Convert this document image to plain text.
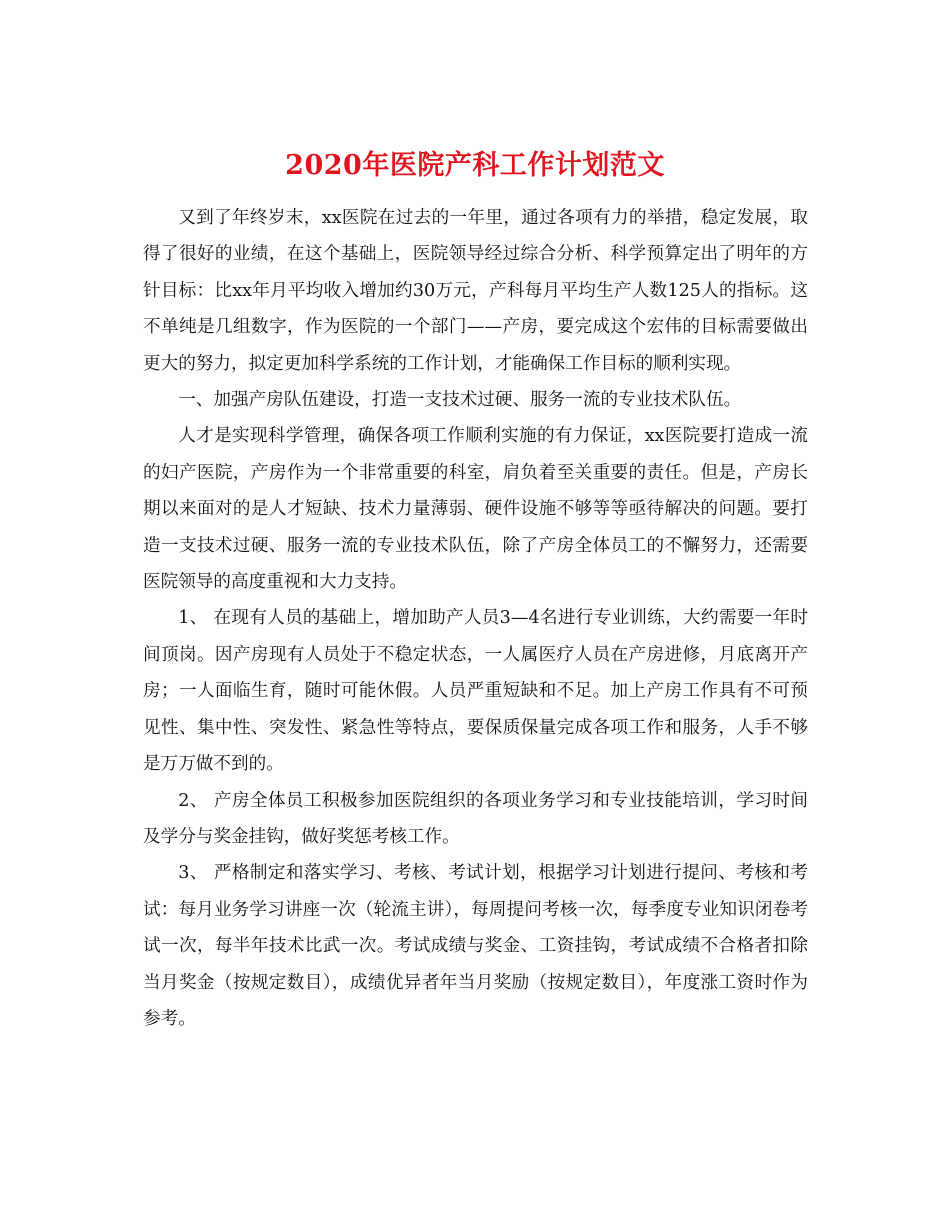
2020年医院产科工作计划范文

又到了年终岁末，xx医院在过去的一年里，通过各项有力的举措，稳定发展，取得了很好的业绩，在这个基础上，医院领导经过综合分析、科学预算定出了明年的方针目标：比xx年月平均收入增加约30万元，产科每月平均生产人数125人的指标。这不单纯是几组数字，作为医院的一个部门——产房，要完成这个宏伟的目标需要做出更大的努力，拟定更加科学系统的工作计划，才能确保工作目标的顺利实现。

一、加强产房队伍建设，打造一支技术过硬、服务一流的专业技术队伍。

人才是实现科学管理，确保各项工作顺利实施的有力保证，xx医院要打造成一流的妇产医院，产房作为一个非常重要的科室，肩负着至关重要的责任。但是，产房长期以来面对的是人才短缺、技术力量薄弱、硬件设施不够等等亟待解决的问题。要打造一支技术过硬、服务一流的专业技术队伍，除了产房全体员工的不懈努力，还需要医院领导的高度重视和大力支持。

1、 在现有人员的基础上，增加助产人员3—4名进行专业训练，大约需要一年时间顶岗。因产房现有人员处于不稳定状态，一人属医疗人员在产房进修，月底离开产房；一人面临生育，随时可能休假。人员严重短缺和不足。加上产房工作具有不可预见性、集中性、突发性、紧急性等特点，要保质保量完成各项工作和服务，人手不够是万万做不到的。

2、 产房全体员工积极参加医院组织的各项业务学习和专业技能培训，学习时间及学分与奖金挂钩，做好奖惩考核工作。

3、 严格制定和落实学习、考核、考试计划，根据学习计划进行提问、考核和考试：每月业务学习讲座一次（轮流主讲），每周提问考核一次，每季度专业知识闭卷考试一次，每半年技术比武一次。考试成绩与奖金、工资挂钩，考试成绩不合格者扣除当月奖金（按规定数目），成绩优异者年当月奖励（按规定数目），年度涨工资时作为参考。
